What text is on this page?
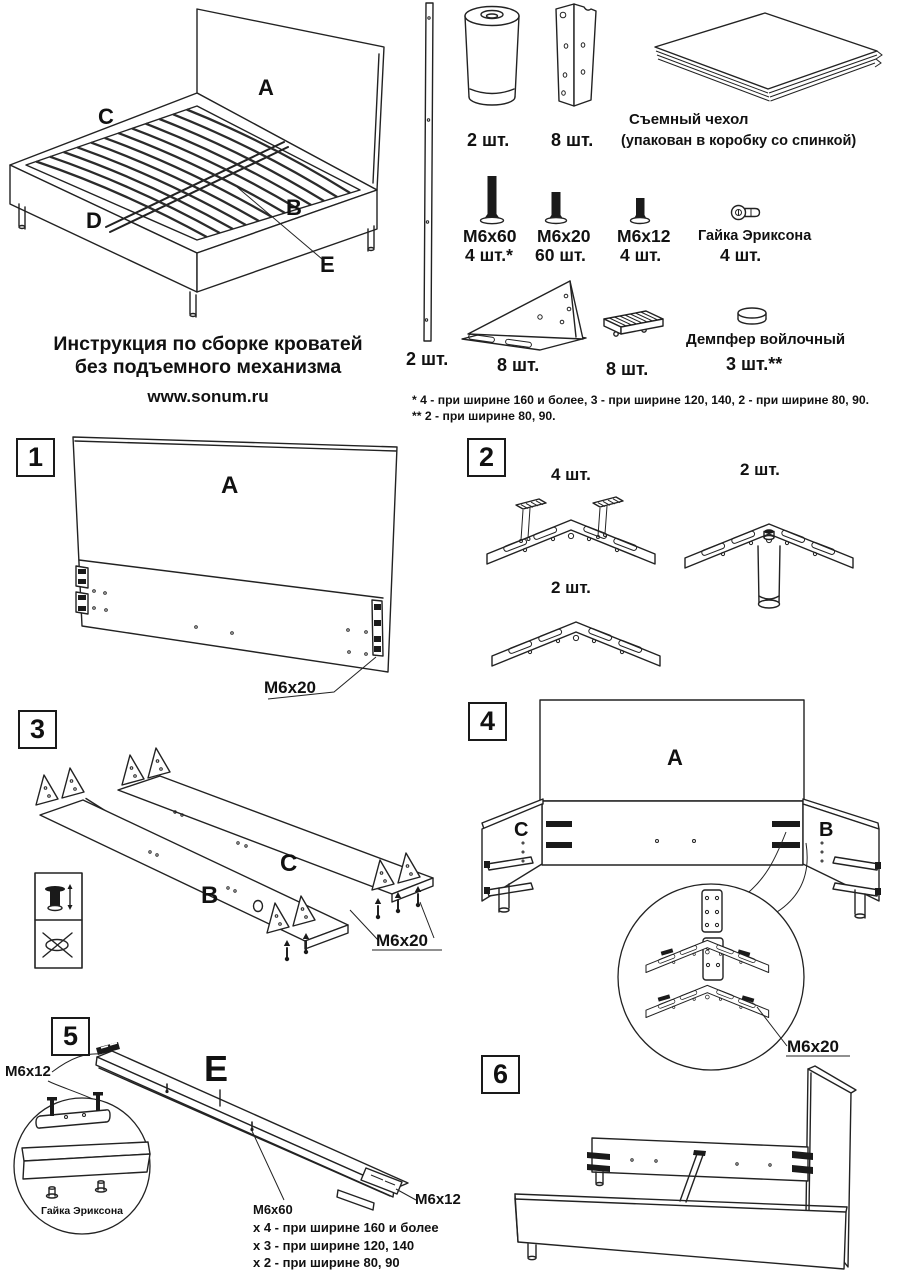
A
C
D
B
E
Инструкция по сборке кроватей
без подъемного механизма
www.sonum.ru
2 шт.
2 шт. 8 шт.
Съемный чехол
(упакован в коробку со спинкой)
M6x60
4 шт.*
M6x20
60 шт.
M6x12
4 шт.
Гайка Эриксона
4 шт.
8 шт.	8 шт.
Демпфер войлочный
3 шт.**
* 4 - при ширине 160 и более, 3 - при ширине 120, 140, 2 - при ширине 80, 90.
** 2 - при ширине 80, 90.
1	2
3	4
5
6
A
M6x20
4 шт.	2 шт.
2 шт.
B
C
M6x20
A
C	B
M6x20
M6x12	E
M6x12
Гайка Эриксона	M6x60
x 4 - при ширине 160 и более
x 3 - при ширине 120, 140
x 2 - при ширине 80, 90
